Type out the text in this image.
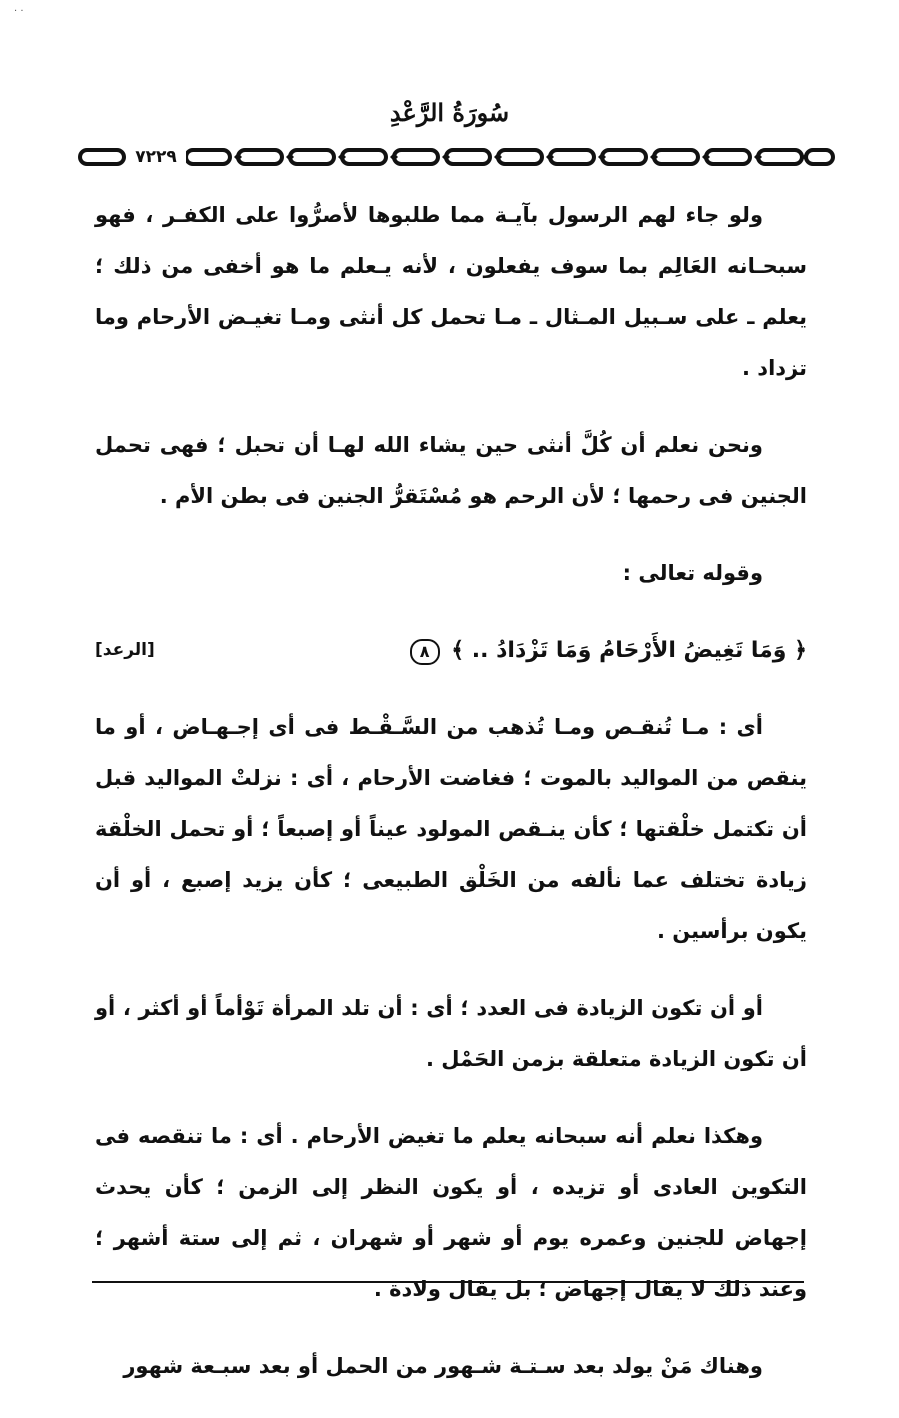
· ·
سُورَةُ الرَّعْدِ
٧٢٢٩

ولو جاء لهم الرسول بآيـة مما طلبوها لأصرُّوا على الكفـر ، فهو سبحـانه العَالِم بما سوف يفعلون ، لأنه يـعلم ما هو أخفى من ذلك ؛ يعلم ـ على سـبيل المـثال ـ مـا تحمل كل أنثى ومـا تغيـض الأرحام وما تزداد .

ونحن نعلم أن كُلَّ أنثى حين يشاء الله لهـا أن تحبل ؛ فهى تحمل الجنين فى رحمها ؛ لأن الرحم هو مُسْتَقرُّ الجنين فى بطن الأم .

وقوله تعالى :

﴿ وَمَا تَغِيضُ الأَرْحَامُ وَمَا تَزْدَادُ .. ﴾ ٨
[الرعد]

أى : مـا تُنقـص ومـا تُذهب من السَّـقْـط فى أى إجـهـاض ، أو ما ينقص من المواليد بالموت ؛ فغاضت الأرحام ، أى : نزلتْ المواليد قبل أن تكتمل خلْقتها ؛ كأن ينـقص المولود عيناً أو إصبعاً ؛ أو تحمل الخلْقة زيادة تختلف عما نألفه من الخَلْق الطبيعى ؛ كأن يزيد إصبع ، أو أن يكون برأسين .

أو أن تكون الزيادة فى العدد ؛ أى : أن تلد المرأة تَوْأماً أو أكثر ، أو أن تكون الزيادة متعلقة بزمن الحَمْل .

وهكذا نعلم أنه سبحانه يعلم ما تغيض الأرحام . أى : ما تنقصه فى التكوين العادى أو تزيده ، أو يكون النظر إلى الزمن ؛ كأن يحدث إجهاض للجنين وعمره يوم أو شهر أو شهران ، ثم إلى ستة أشهر ؛ وعند ذلك لا يقال إجهاض ؛ بل يقال ولادة .

وهناك مَنْ يولد بعد سـتـة شـهور من الحمل أو بعد سبـعة شهور
